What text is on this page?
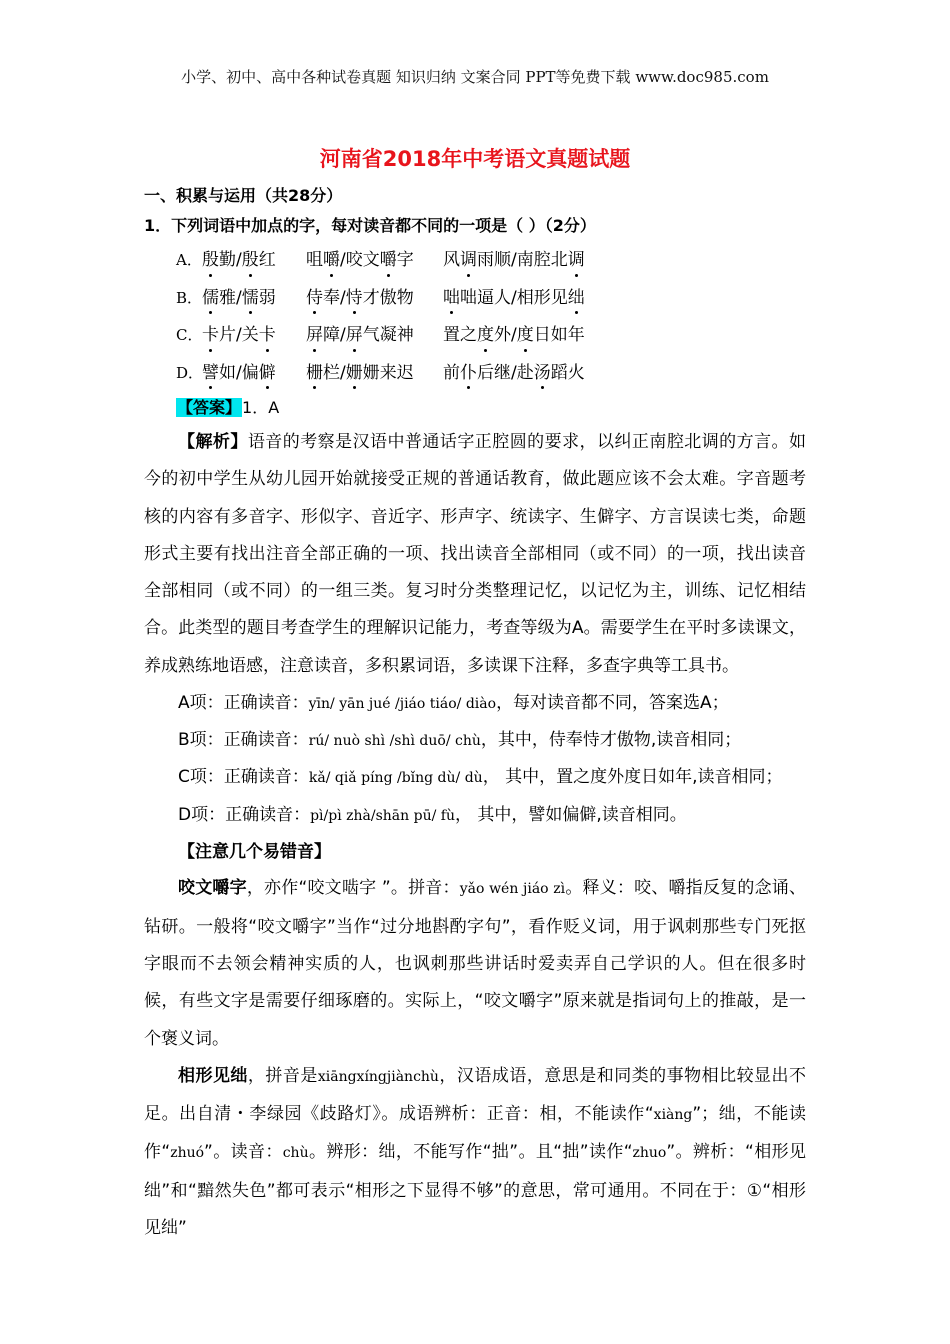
小学、初中、高中各种试卷真题 知识归纳 文案合同 PPT等免费下载 www.doc985.com
河南省2018年中考语文真题试题
一、积累与运用（共28分）
1．下列词语中加点的字，每对读音都不同的一项是（ ）（2分）
A．殷勤/殷红 咀嚼/咬文嚼字 风调雨顺/南腔北调
B．儒雅/懦弱 侍奉/恃才傲物 咄咄逼人/相形见绌
C．卡片/关卡 屏障/屏气凝神 置之度外/度日如年
D．譬如/偏僻 栅栏/姗姗来迟 前仆后继/赴汤蹈火
【答案】1．A
【解析】语音的考察是汉语中普通话字正腔圆的要求，以纠正南腔北调的方言。如今的初中学生从幼儿园开始就接受正规的普通话教育，做此题应该不会太难。字音题考核的内容有多音字、形似字、音近字、形声字、统读字、生僻字、方言误读七类，命题形式主要有找出注音全部正确的一项、找出读音全部相同（或不同）的一项，找出读音全部相同（或不同）的一组三类。复习时分类整理记忆，以记忆为主，训练、记忆相结合。此类型的题目考查学生的理解识记能力，考查等级为A。需要学生在平时多读课文，养成熟练地语感，注意读音，多积累词语，多读课下注释，多查字典等工具书。
A项：正确读音：yīn/ yān jué /jiáo tiáo/ diào，每对读音都不同，答案选A；
B项：正确读音：rú/ nuò shì /shì duō/ chù，其中，侍奉恃才傲物,读音相同；
C项：正确读音：kǎ/ qiǎ píng /bǐng dù/ dù， 其中，置之度外度日如年,读音相同；
D项：正确读音：pì/pì zhà/shān pū/ fù， 其中，譬如偏僻,读音相同。
【注意几个易错音】
咬文嚼字，亦作“咬文啮字 ”。拼音：yǎo wén jiáo zì。释义：咬、嚼指反复的念诵、钻研。一般将“咬文嚼字”当作“过分地斟酌字句”，看作贬义词，用于讽刺那些专门死抠字眼而不去领会精神实质的人，也讽刺那些讲话时爱卖弄自己学识的人。但在很多时候，有些文字是需要仔细琢磨的。实际上，“咬文嚼字”原来就是指词句上的推敲，是一个褒义词。
相形见绌，拼音是xiāngxíngjiànchù，汉语成语，意思是和同类的事物相比较显出不足。出自清・李绿园《歧路灯》。成语辨析：正音：相，不能读作“xiàng”；绌，不能读作“zhuó”。读音：chù。辨形：绌，不能写作“拙”。且“拙”读作“zhuo”。辨析：“相形见绌”和“黯然失色”都可表示“相形之下显得不够”的意思，常可通用。不同在于：①“相形见绌”
